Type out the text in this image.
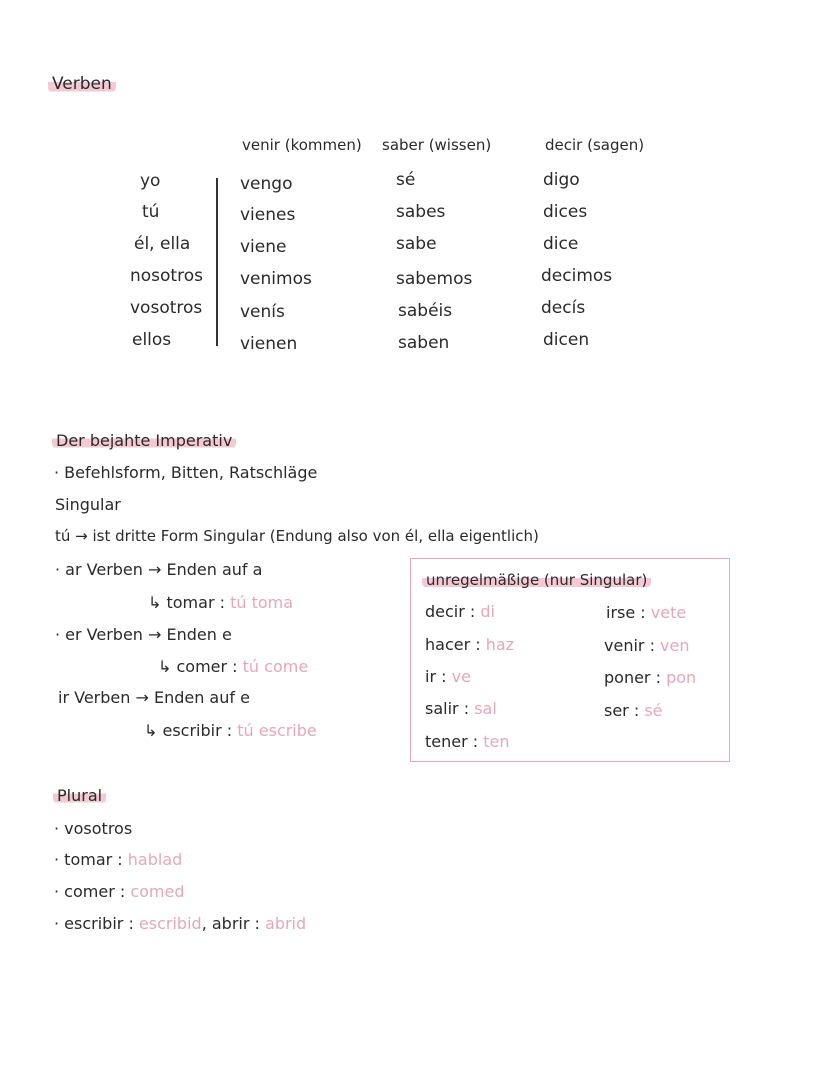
Verben
venir (kommen) saber (wissen)	decir (sagen)
yo
tú
él, ella
nosotros
vosotros
ellos
vengo
vienes
viene
venimos
venís
vienen
sé
sabes
sabe
sabemos
sabéis
saben
digo
dices
dice
decimos
decís
dicen
Der bejahte Imperativ
· Befehlsform, Bitten, Ratschläge
Singular
tú → ist dritte Form Singular (Endung also von él, ella eigentlich)
· ar Verben → Enden auf a
↳ tomar : tú toma
· er Verben → Enden e
↳ comer : tú come
ir Verben → Enden auf e
↳ escribir : tú escribe
unregelmäßige (nur Singular)
decir : di
hacer : haz
ir : ve
salir : sal
tener : ten
irse : vete
venir : ven
poner : pon
ser : sé
Plural
· vosotros
· tomar : hablad
· comer : comed
· escribir : escribid, abrir : abrid
